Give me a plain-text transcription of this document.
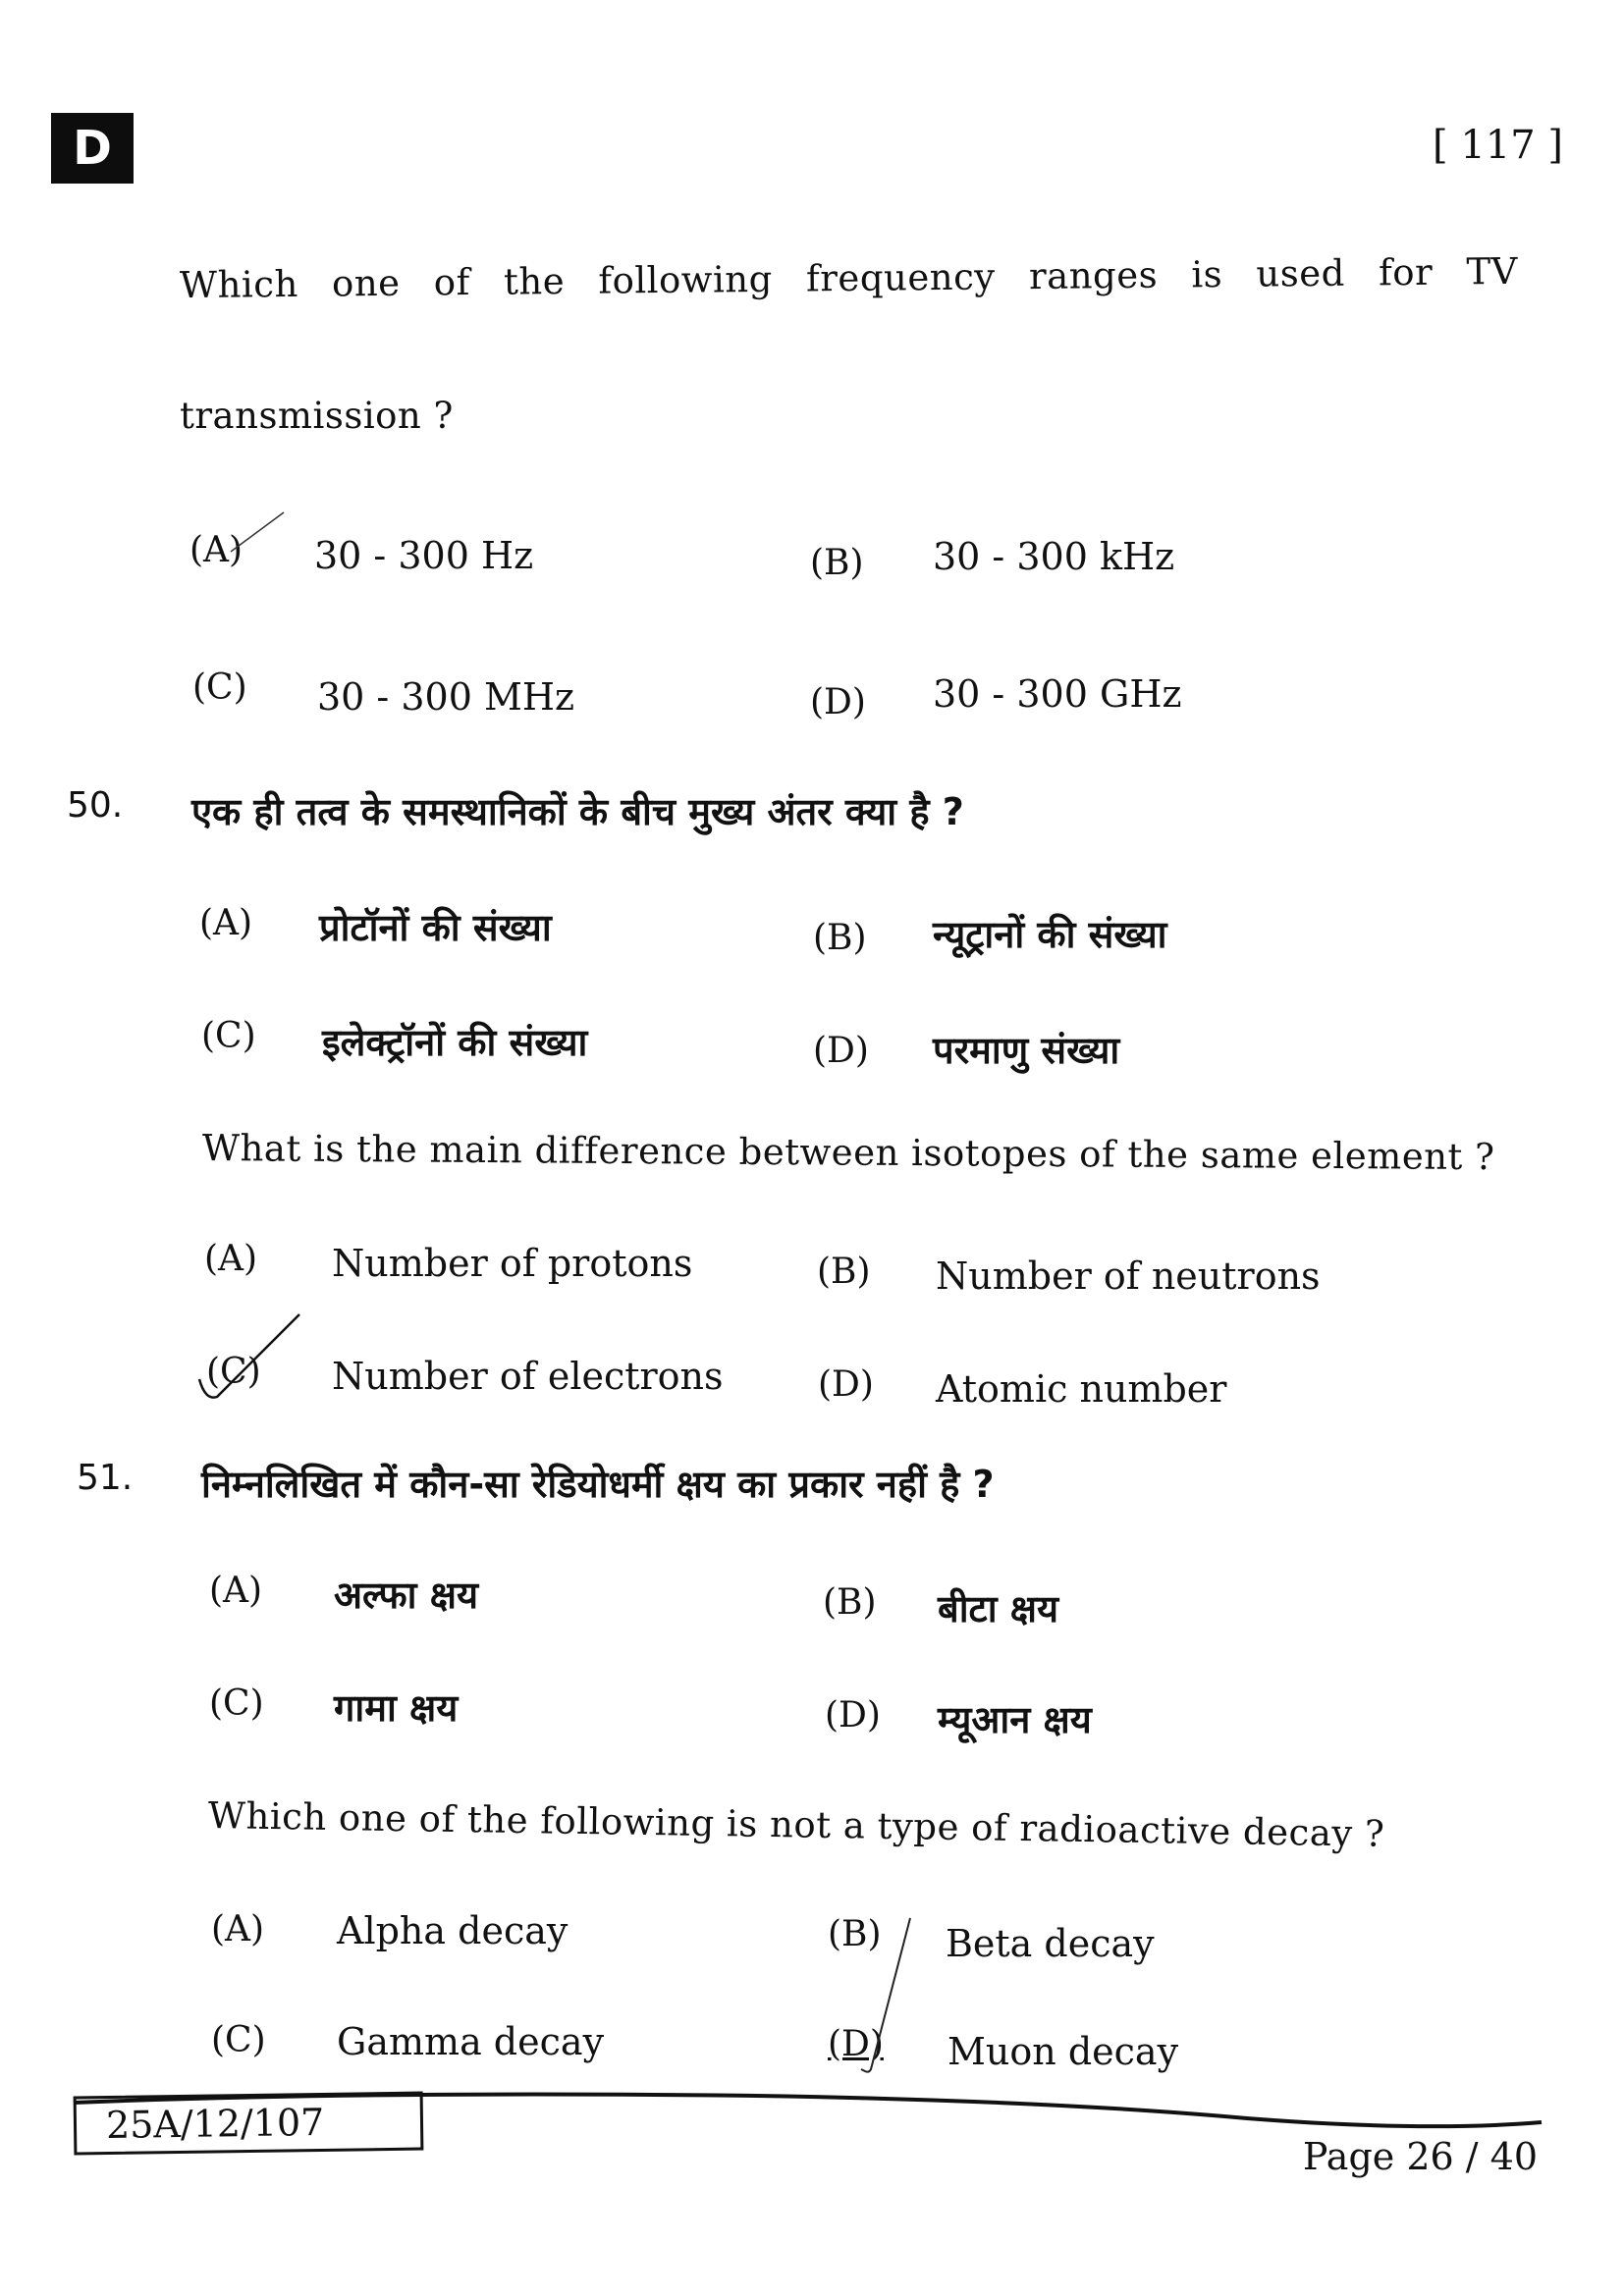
D	[ 117 ]
Which one of the following frequency ranges is used for TV
transmission ?
(A) 30 - 300 Hz	(B) 30 - 300 kHz
(C) 30 - 300 MHz	(D) 30 - 300 GHz
50. एक ही तत्व के समस्थानिकों के बीच मुख्य अंतर क्या है ?
(A) प्रोटॉनों की संख्या	(B) न्यूट्रानों की संख्या
(C) इलेक्ट्रॉनों की संख्या	(D) परमाणु संख्या
What is the main difference between isotopes of the same element ?
(A) Number of protons	(B) Number of neutrons
(C) Number of electrons	(D) Atomic number
51. निम्नलिखित में कौन-सा रेडियोधर्मी क्षय का प्रकार नहीं है ?
(A) अल्फा क्षय	(B) बीटा क्षय
(C) गामा क्षय	(D) म्यूआन क्षय
Which one of the following is not a type of radioactive decay ?
(A) Alpha decay	(B) Beta decay
(C) Gamma decay	(D) Muon decay
25A/12/107
Page 26 / 40
